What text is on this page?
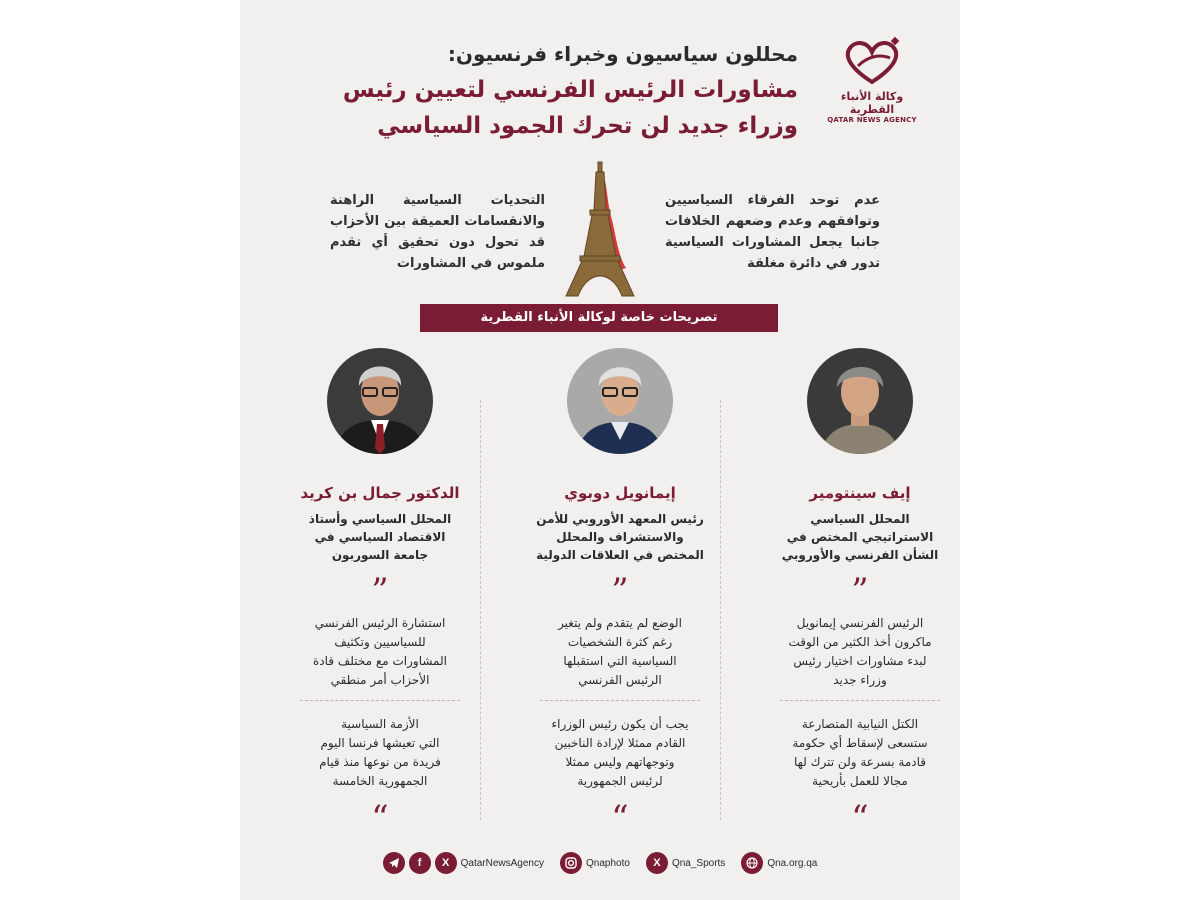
وكالة الأنباء القطرية
QATAR NEWS AGENCY

محللون سياسيون وخبراء فرنسيون:

مشاورات الرئيس الفرنسي لتعيين رئيس

وزراء جديد لن تحرك الجمود السياسي

عدم توحد الفرقاء السياسيين وتوافقهم وعدم وضعهم الخلافات جانبا يجعل المشاورات السياسية تدور في دائرة مغلقة
التحديات السياسية الراهنة والانقسامات العميقة بين الأحزاب قد تحول دون تحقيق أي تقدم ملموس في المشاورات
تصريحات خاصة لوكالة الأنباء القطرية
إيف سينتومير
المحلل السياسي
الاستراتيجي المختص في
الشأن الفرنسي والأوروبي
”
الرئيس الفرنسي إيمانويل
ماكرون أخذ الكثير من الوقت
لبدء مشاورات اختيار رئيس
وزراء جديد
الكتل النيابية المتصارعة
ستسعى لإسقاط أي حكومة
قادمة بسرعة ولن تترك لها
مجالا للعمل بأريحية
“
إيمانويل دوبوي
رئيس المعهد الأوروبي للأمن
والاستشراف والمحلل
المختص في العلاقات الدولية
”
الوضع لم يتقدم ولم يتغير
رغم كثرة الشخصيات
السياسية التي استقبلها
الرئيس الفرنسي
يجب أن يكون رئيس الوزراء
القادم ممثلا لإرادة الناخبين
وتوجهاتهم وليس ممثلا
لرئيس الجمهورية
“
الدكتور جمال بن كريد
المحلل السياسي وأستاذ
الاقتصاد السياسي في
جامعة السوربون
”
استشارة الرئيس الفرنسي
للسياسيين وتكثيف
المشاورات مع مختلف قادة
الأحزاب أمر منطقي
الأزمة السياسية
التي تعيشها فرنسا اليوم
فريدة من نوعها منذ قيام
الجمهورية الخامسة
“
f	X	QatarNewsAgency	Qnaphoto	X	Qna_Sports	Qna.org.qa
